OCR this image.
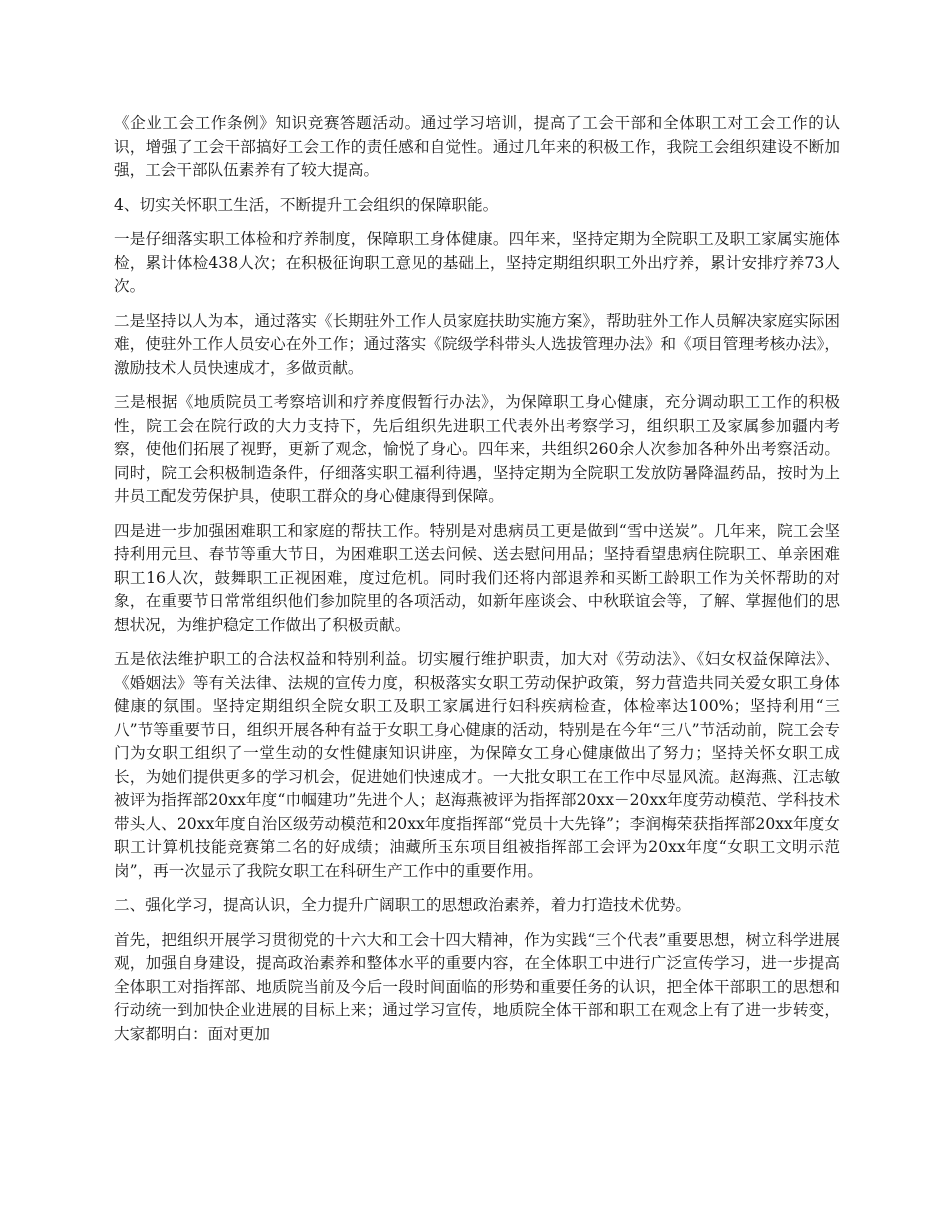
《企业工会工作条例》知识竞赛答题活动。通过学习培训，提高了工会干部和全体职工对工会工作的认识，增强了工会干部搞好工会工作的责任感和自觉性。通过几年来的积极工作，我院工会组织建设不断加强，工会干部队伍素养有了较大提高。

4、切实关怀职工生活，不断提升工会组织的保障职能。

一是仔细落实职工体检和疗养制度，保障职工身体健康。四年来，坚持定期为全院职工及职工家属实施体检，累计体检438人次；在积极征询职工意见的基础上，坚持定期组织职工外出疗养，累计安排疗养73人次。

二是坚持以人为本，通过落实《长期驻外工作人员家庭扶助实施方案》，帮助驻外工作人员解决家庭实际困难，使驻外工作人员安心在外工作；通过落实《院级学科带头人选拔管理办法》和《项目管理考核办法》，激励技术人员快速成才，多做贡献。

三是根据《地质院员工考察培训和疗养度假暂行办法》，为保障职工身心健康，充分调动职工工作的积极性，院工会在院行政的大力支持下，先后组织先进职工代表外出考察学习，组织职工及家属参加疆内考察，使他们拓展了视野，更新了观念，愉悦了身心。四年来，共组织260余人次参加各种外出考察活动。同时，院工会积极制造条件，仔细落实职工福利待遇，坚持定期为全院职工发放防暑降温药品，按时为上井员工配发劳保护具，使职工群众的身心健康得到保障。

四是进一步加强困难职工和家庭的帮扶工作。特别是对患病员工更是做到“雪中送炭”。几年来，院工会坚持利用元旦、春节等重大节日，为困难职工送去问候、送去慰问用品；坚持看望患病住院职工、单亲困难职工16人次，鼓舞职工正视困难，度过危机。同时我们还将内部退养和买断工龄职工作为关怀帮助的对象，在重要节日常常组织他们参加院里的各项活动，如新年座谈会、中秋联谊会等，了解、掌握他们的思想状况，为维护稳定工作做出了积极贡献。

五是依法维护职工的合法权益和特别利益。切实履行维护职责，加大对《劳动法》、《妇女权益保障法》、《婚姻法》等有关法律、法规的宣传力度，积极落实女职工劳动保护政策，努力营造共同关爱女职工身体健康的氛围。坚持定期组织全院女职工及职工家属进行妇科疾病检查，体检率达100%；坚持利用“三八”节等重要节日，组织开展各种有益于女职工身心健康的活动，特别是在今年“三八”节活动前，院工会专门为女职工组织了一堂生动的女性健康知识讲座，为保障女工身心健康做出了努力；坚持关怀女职工成长，为她们提供更多的学习机会，促进她们快速成才。一大批女职工在工作中尽显风流。赵海燕、江志敏被评为指挥部20xx年度“巾帼建功”先进个人；赵海燕被评为指挥部20xx－20xx年度劳动模范、学科技术带头人、20xx年度自治区级劳动模范和20xx年度指挥部“党员十大先锋”；李润梅荣获指挥部20xx年度女职工计算机技能竞赛第二名的好成绩；油藏所玉东项目组被指挥部工会评为20xx年度“女职工文明示范岗”，再一次显示了我院女职工在科研生产工作中的重要作用。

二、强化学习，提高认识，全力提升广阔职工的思想政治素养，着力打造技术优势。

首先，把组织开展学习贯彻党的十六大和工会十四大精神，作为实践“三个代表”重要思想，树立科学进展观，加强自身建设，提高政治素养和整体水平的重要内容，在全体职工中进行广泛宣传学习，进一步提高全体职工对指挥部、地质院当前及今后一段时间面临的形势和重要任务的认识，把全体干部职工的思想和行动统一到加快企业进展的目标上来；通过学习宣传，地质院全体干部和职工在观念上有了进一步转变，大家都明白：面对更加
